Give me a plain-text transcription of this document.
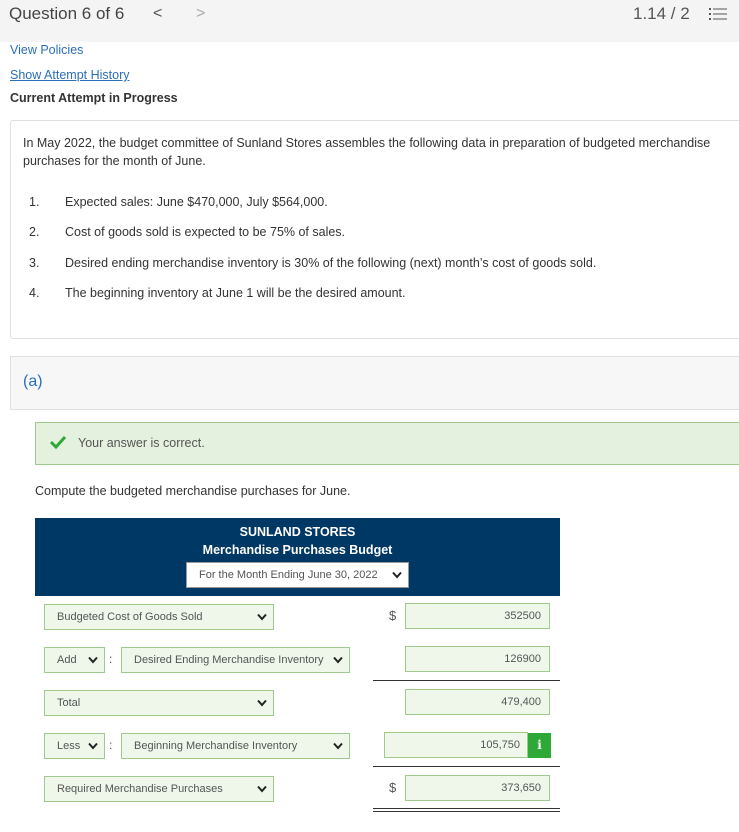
Question 6 of 6 < >	1.14 / 2
View Policies
Show Attempt History
Current Attempt in Progress
In May 2022, the budget committee of Sunland Stores assembles the following data in preparation of budgeted merchandise purchases for the month of June.
1.	Expected sales: June $470,000, July $564,000.
2.	Cost of goods sold is expected to be 75% of sales.
3.	Desired ending merchandise inventory is 30% of the following (next) month’s cost of goods sold.
4.	The beginning inventory at June 1 will be the desired amount.
(a)
Your answer is correct.
Compute the budgeted merchandise purchases for June.
SUNLAND STORES
Merchandise Purchases Budget
For the Month Ending June 30, 2022
Budgeted Cost of Goods Sold	$	352500
Add	:	Desired Ending Merchandise Inventory	126900
Total	479,400
Less	:	Beginning Merchandise Inventory	105,750	i
Required Merchandise Purchases	$	373,650
